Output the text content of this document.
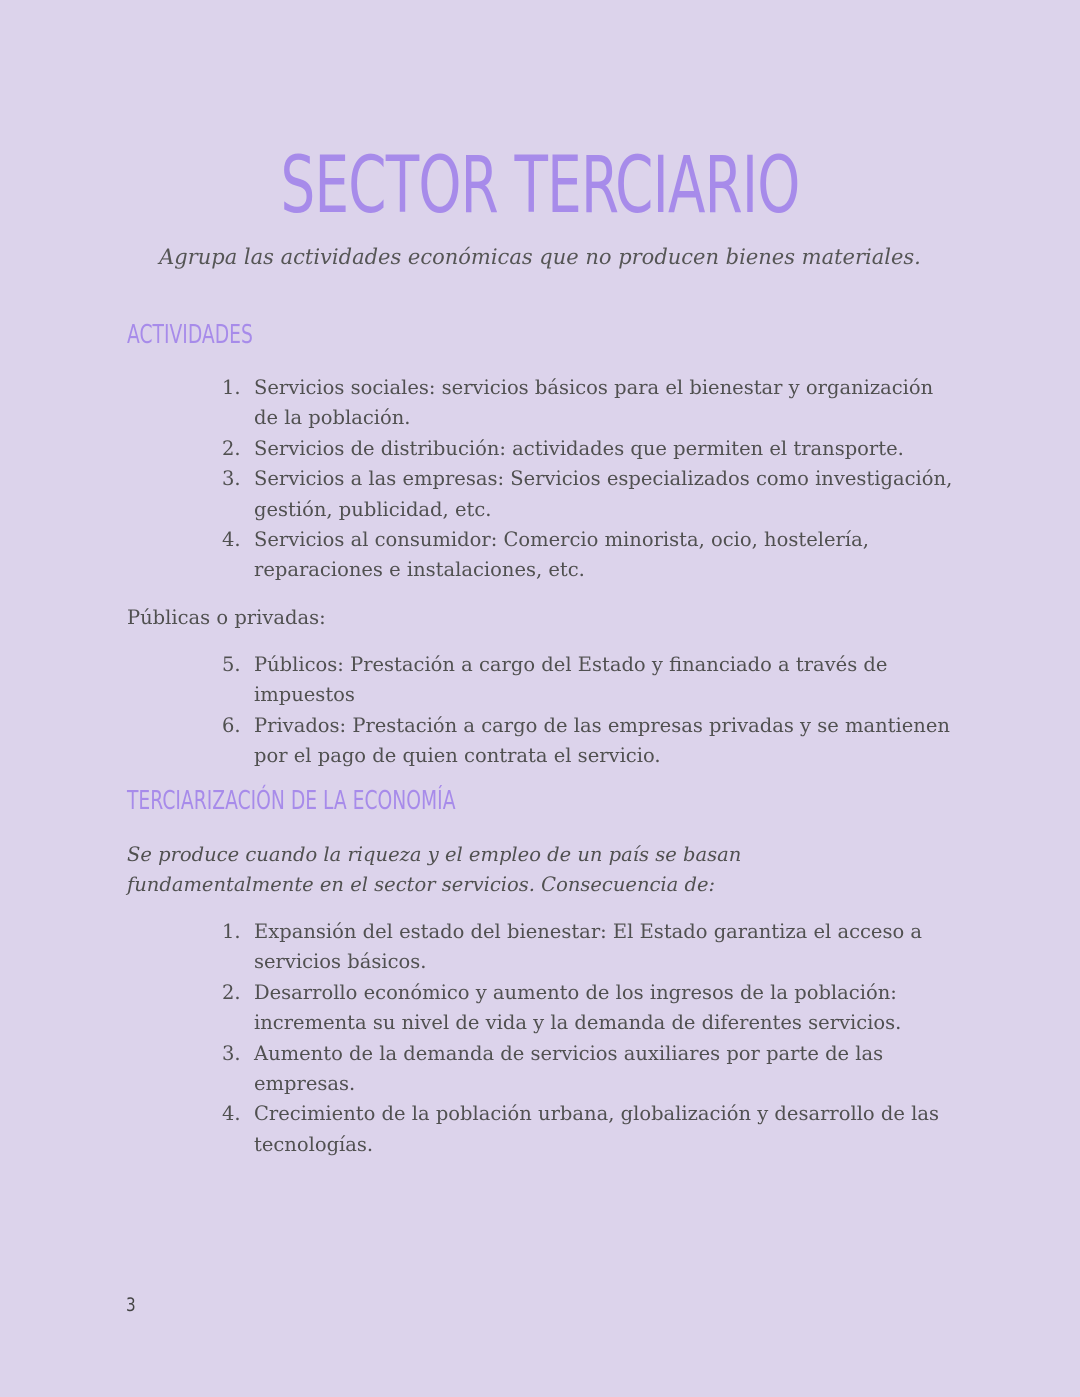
SECTOR TERCIARIO
Agrupa las actividades económicas que no producen bienes materiales.
ACTIVIDADES
1. Servicios sociales: servicios básicos para el bienestar y organización de la población.
2. Servicios de distribución: actividades que permiten el transporte.
3. Servicios a las empresas: Servicios especializados como investigación, gestión, publicidad, etc.
4. Servicios al consumidor: Comercio minorista, ocio, hostelería, reparaciones e instalaciones, etc.
Públicas o privadas:
5. Públicos: Prestación a cargo del Estado y financiado a través de impuestos
6. Privados: Prestación a cargo de las empresas privadas y se mantienen por el pago de quien contrata el servicio.
TERCIARIZACIÓN DE LA ECONOMÍA
Se produce cuando la riqueza y el empleo de un país se basan fundamentalmente en el sector servicios. Consecuencia de:
1. Expansión del estado del bienestar: El Estado garantiza el acceso a servicios básicos.
2. Desarrollo económico y aumento de los ingresos de la población: incrementa su nivel de vida y la demanda de diferentes servicios.
3. Aumento de la demanda de servicios auxiliares por parte de las empresas.
4. Crecimiento de la población urbana, globalización y desarrollo de las tecnologías.
3
